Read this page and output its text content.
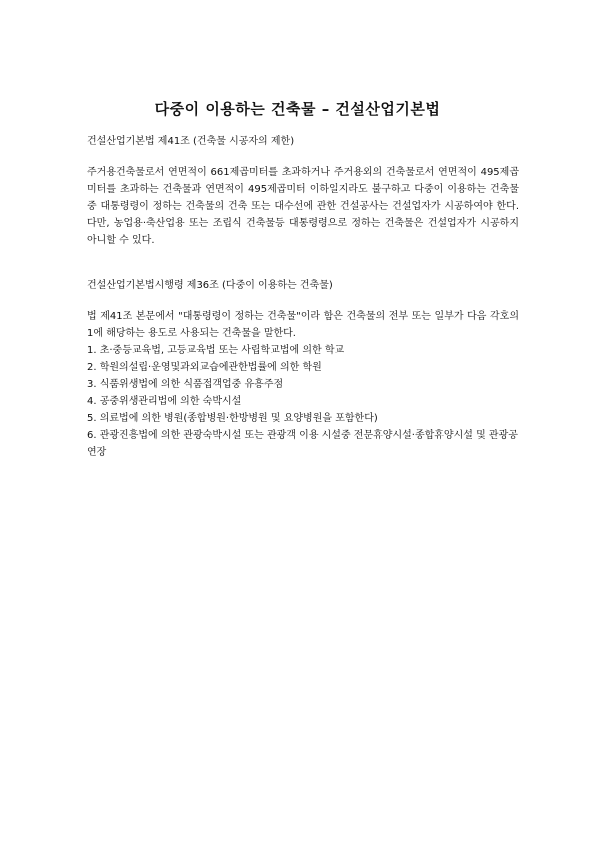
다중이 이용하는 건축물 – 건설산업기본법

건설산업기본법 제41조 (건축물 시공자의 제한)

주거용건축물로서 연면적이 661제곱미터를 초과하거나 주거용외의 건축물로서 연면적이 495제곱미터를 초과하는 건축물과 연면적이 495제곱미터 이하일지라도 불구하고 다중이 이용하는 건축물중 대통령령이 정하는 건축물의 건축 또는 대수선에 관한 건설공사는 건설업자가 시공하여야 한다. 다만, 농업용·축산업용 또는 조립식 건축물등 대통령령으로 정하는 건축물은 건설업자가 시공하지 아니할 수 있다.

건설산업기본법시행령 제36조 (다중이 이용하는 건축물)

법 제41조 본문에서 "대통령령이 정하는 건축물"이라 함은 건축물의 전부 또는 일부가 다음 각호의 1에 해당하는 용도로 사용되는 건축물을 말한다.

1. 초·중등교육법, 고등교육법 또는 사립학교법에 의한 학교
2. 학원의설립·운영및과외교습에관한법률에 의한 학원
3. 식품위생법에 의한 식품접객업중 유흥주점
4. 공중위생관리법에 의한 숙박시설
5. 의료법에 의한 병원(종합병원·한방병원 및 요양병원을 포함한다)
6. 관광진흥법에 의한 관광숙박시설 또는 관광객 이용 시설중 전문휴양시설·종합휴양시설 및 관광공연장
